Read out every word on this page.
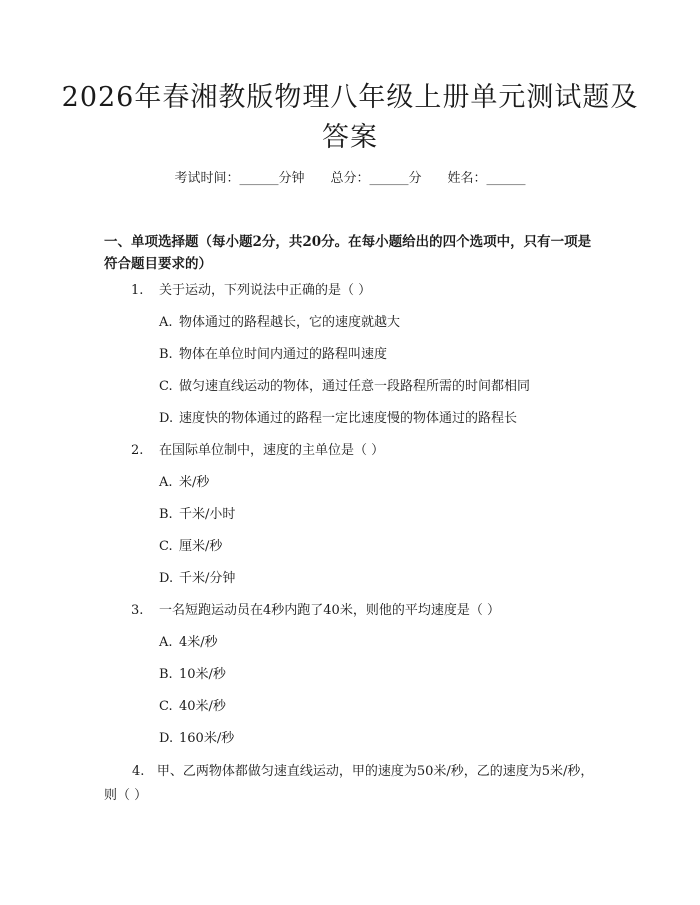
2026年春湘教版物理八年级上册单元测试题及答案
考试时间：______分钟 总分：______分 姓名：______

一、单项选择题（每小题2分，共20分。在每小题给出的四个选项中，只有一项是符合题目要求的）

1. 关于运动，下列说法中正确的是（ ）
A. 物体通过的路程越长，它的速度就越大
B. 物体在单位时间内通过的路程叫速度
C. 做匀速直线运动的物体，通过任意一段路程所需的时间都相同
D. 速度快的物体通过的路程一定比速度慢的物体通过的路程长
2. 在国际单位制中，速度的主单位是（ ）
A. 米/秒
B. 千米/小时
C. 厘米/秒
D. 千米/分钟
3. 一名短跑运动员在4秒内跑了40米，则他的平均速度是（ ）
A. 4米/秒
B. 10米/秒
C. 40米/秒
D. 160米/秒
4. 甲、乙两物体都做匀速直线运动，甲的速度为50米/秒，乙的速度为5米/秒，则（ ）
